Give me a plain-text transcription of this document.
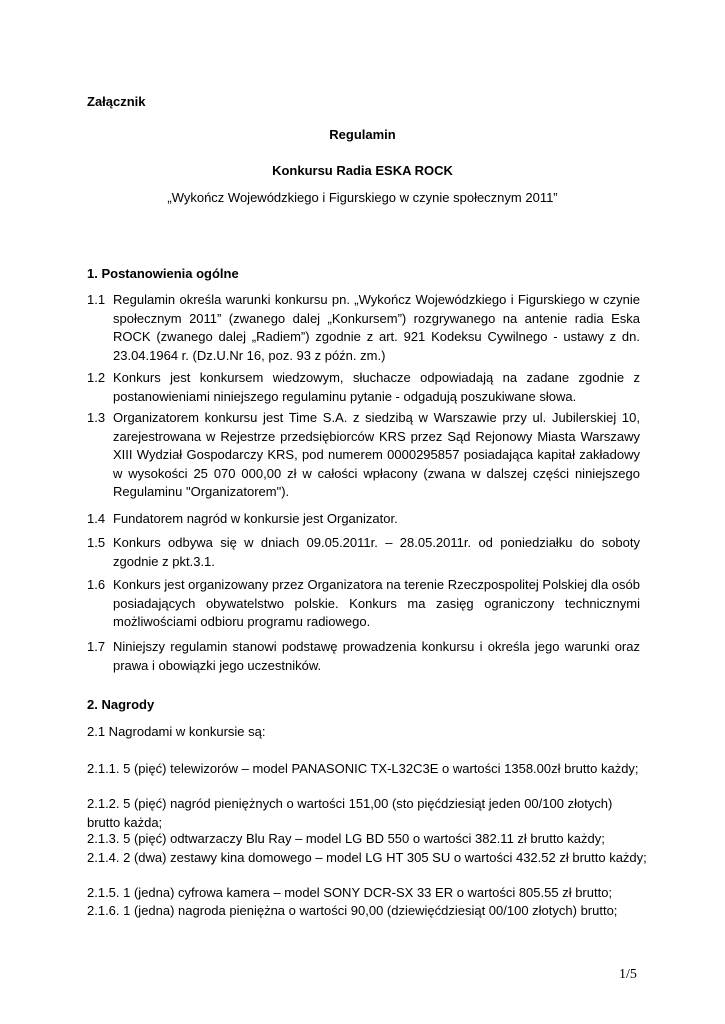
Załącznik
Regulamin
Konkursu Radia ESKA ROCK
„Wykończ Wojewódzkiego i Figurskiego w czynie społecznym 2011”
1. Postanowienia ogólne
1.1 Regulamin określa warunki konkursu pn. „Wykończ Wojewódzkiego i Figurskiego w czynie społecznym 2011” (zwanego dalej „Konkursem”) rozgrywanego na antenie radia Eska ROCK (zwanego dalej „Radiem”) zgodnie z art. 921 Kodeksu Cywilnego - ustawy z dn. 23.04.1964 r. (Dz.U.Nr 16, poz. 93 z późn. zm.)
1.2 Konkurs jest konkursem wiedzowym, słuchacze odpowiadają na zadane zgodnie z postanowieniami niniejszego regulaminu pytanie - odgadują poszukiwane słowa.
1.3 Organizatorem konkursu jest Time S.A. z siedzibą w Warszawie przy ul. Jubilerskiej 10, zarejestrowana w Rejestrze przedsiębiorców KRS przez Sąd Rejonowy Miasta Warszawy XIII Wydział Gospodarczy KRS, pod numerem 0000295857 posiadająca kapitał zakładowy w wysokości 25 070 000,00 zł w całości wpłacony (zwana w dalszej części niniejszego Regulaminu "Organizatorem").
1.4 Fundatorem nagród w konkursie jest Organizator.
1.5 Konkurs odbywa się w dniach 09.05.2011r. – 28.05.2011r. od poniedziałku do soboty zgodnie z pkt.3.1.
1.6 Konkurs jest organizowany przez Organizatora na terenie Rzeczpospolitej Polskiej dla osób posiadających obywatelstwo polskie. Konkurs ma zasięg ograniczony technicznymi możliwościami odbioru programu radiowego.
1.7 Niniejszy regulamin stanowi podstawę prowadzenia konkursu i określa jego warunki oraz prawa i obowiązki jego uczestników.
2. Nagrody
2.1 Nagrodami w konkursie są:
2.1.1. 5 (pięć) telewizorów – model PANASONIC TX-L32C3E o wartości 1358.00zł brutto każdy;
2.1.2. 5 (pięć) nagród pieniężnych o wartości 151,00 (sto pięćdziesiąt jeden 00/100 złotych) brutto każda;
2.1.3. 5 (pięć) odtwarzaczy Blu Ray – model LG BD 550 o wartości 382.11 zł brutto każdy;
2.1.4. 2 (dwa) zestawy kina domowego – model LG HT 305 SU o wartości 432.52 zł brutto każdy;
2.1.5. 1 (jedna) cyfrowa kamera – model SONY DCR-SX 33 ER o wartości 805.55 zł brutto;
2.1.6. 1 (jedna) nagroda pieniężna o wartości 90,00 (dziewięćdziesiąt 00/100 złotych) brutto;
1/5
